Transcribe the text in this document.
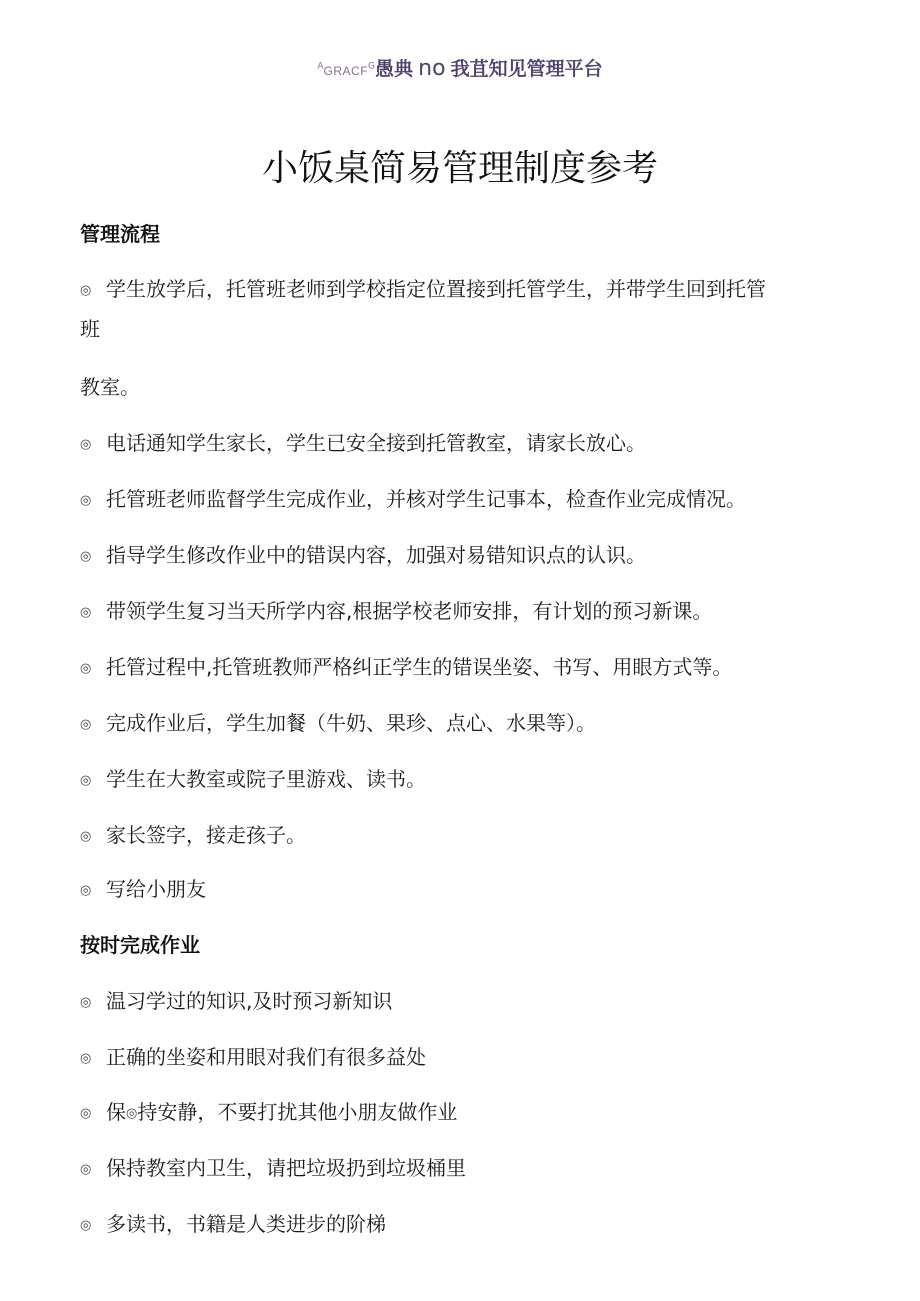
$^AGRACF^G$愚典 no 我苴知见管理平台
小饭桌简易管理制度参考
管理流程
◎ 学生放学后，托管班老师到学校指定位置接到托管学生，并带学生回到托管
班
教室。
◎ 电话通知学生家长，学生已安全接到托管教室，请家长放心。
◎ 托管班老师监督学生完成作业，并核对学生记事本，检查作业完成情况。
◎ 指导学生修改作业中的错误内容，加强对易错知识点的认识。
◎ 带领学生复习当天所学内容,根据学校老师安排，有计划的预习新课。
◎ 托管过程中,托管班教师严格纠正学生的错误坐姿、书写、用眼方式等。
◎ 完成作业后，学生加餐（牛奶、果珍、点心、水果等）。
◎ 学生在大教室或院子里游戏、读书。
◎ 家长签字，接走孩子。
◎ 写给小朋友
按时完成作业
◎ 温习学过的知识,及时预习新知识
◎ 正确的坐姿和用眼对我们有很多益处
◎ 保◎持安静，不要打扰其他小朋友做作业
◎ 保持教室内卫生，请把垃圾扔到垃圾桶里
◎ 多读书，书籍是人类进步的阶梯
